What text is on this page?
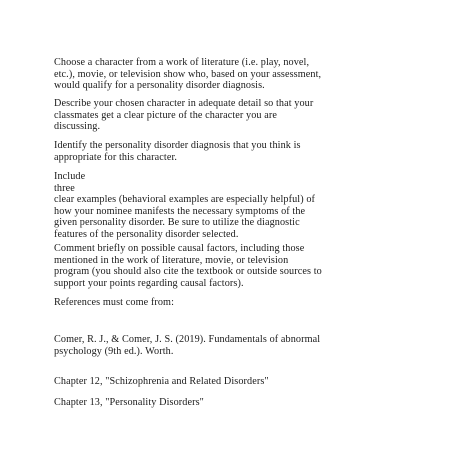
Choose a character from a work of literature (i.e. play, novel,
etc.), movie, or television show who, based on your assessment,
would qualify for a personality disorder diagnosis.

Describe your chosen character in adequate detail so that your
classmates get a clear picture of the character you are
discussing.

Identify the personality disorder diagnosis that you think is
appropriate for this character.

Include
three
clear examples (behavioral examples are especially helpful) of
how your nominee manifests the necessary symptoms of the
given personality disorder. Be sure to utilize the diagnostic
features of the personality disorder selected.

Comment briefly on possible causal factors, including those
mentioned in the work of literature, movie, or television
program (you should also cite the textbook or outside sources to
support your points regarding causal factors).

References must come from:

Comer, R. J., & Comer, J. S. (2019). Fundamentals of abnormal
psychology (9th ed.). Worth.

Chapter 12, "Schizophrenia and Related Disorders"

Chapter 13, "Personality Disorders"
